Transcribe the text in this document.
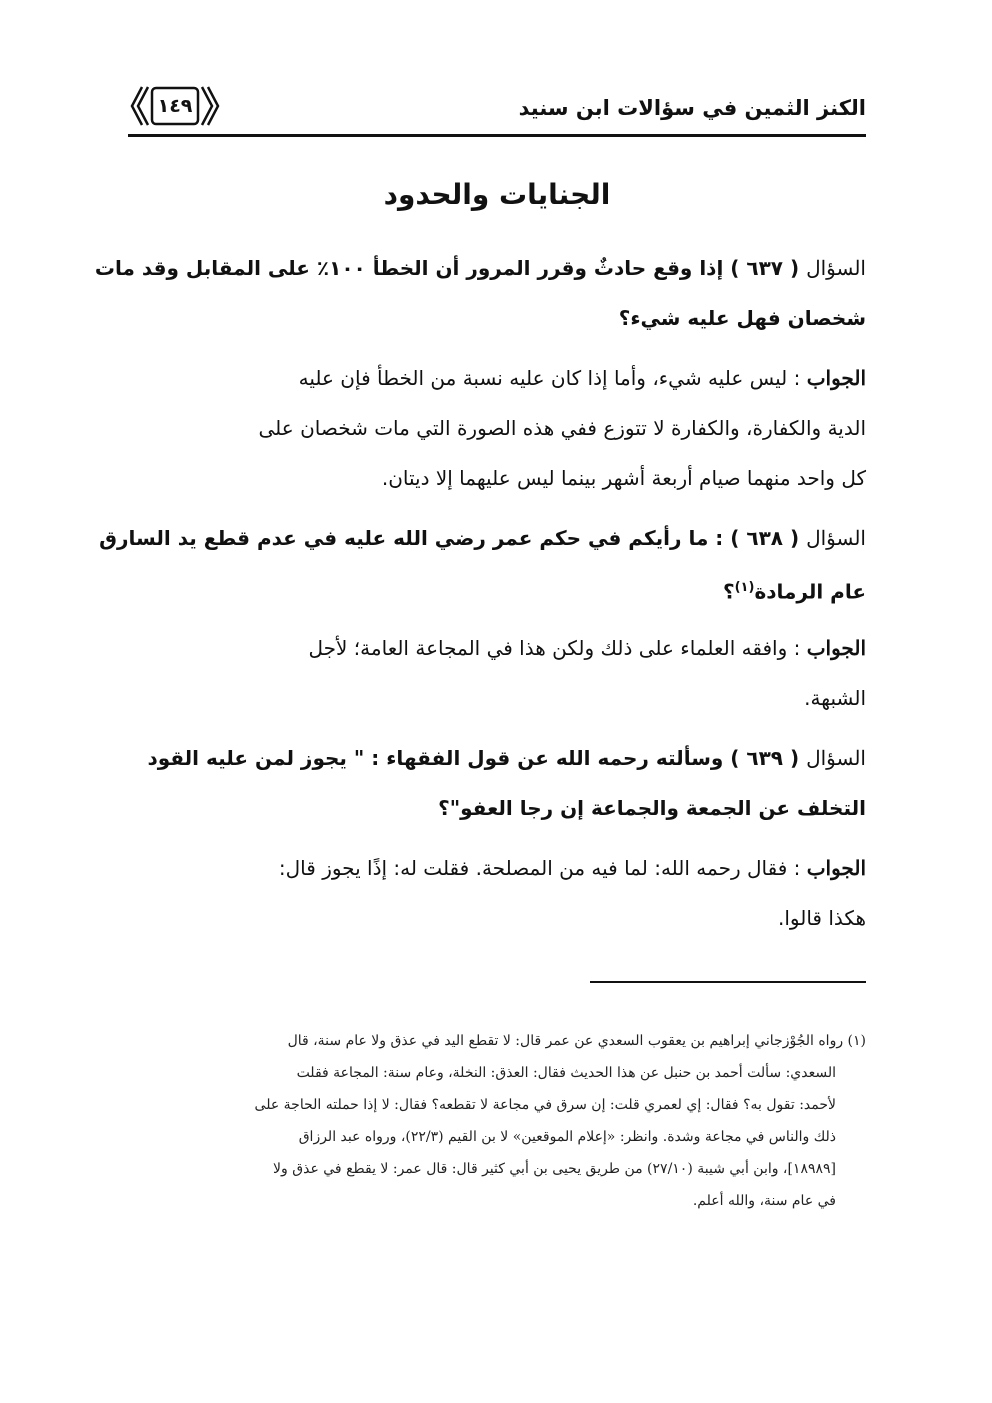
الكنز الثمين في سؤالات ابن سنيد
١٤٩
الجنايات والحدود
السؤال ( ٦٣٧ ) إذا وقع حادثٌ وقرر المرور أن الخطأ ١٠٠٪ على المقابل وقد مات
شخصان فهل عليه شيء؟
الجواب : ليس عليه شيء، وأما إذا كان عليه نسبة من الخطأ فإن عليه
الدية والكفارة، والكفارة لا تتوزع ففي هذه الصورة التي مات شخصان على
كل واحد منهما صيام أربعة أشهر بينما ليس عليهما إلا ديتان.
السؤال ( ٦٣٨ ) : ما رأيكم في حكم عمر رضي الله عليه في عدم قطع يد السارق
عام الرمادة$^{(١)}$؟
الجواب : وافقه العلماء على ذلك ولكن هذا في المجاعة العامة؛ لأجل
الشبهة.
السؤال ( ٦٣٩ ) وسألته رحمه الله عن قول الفقهاء : " يجوز لمن عليه القود
التخلف عن الجمعة والجماعة إن رجا العفو"؟
الجواب : فقال رحمه الله: لما فيه من المصلحة. فقلت له: إذًا يجوز قال:
هكذا قالوا.
(١) رواه الجُوْزجاني إبراهيم بن يعقوب السعدي عن عمر قال: لا تقطع اليد في عذق ولا عام سنة، قال
السعدي: سألت أحمد بن حنبل عن هذا الحديث فقال: العذق: النخلة، وعام سنة: المجاعة فقلت
لأحمد: تقول به؟ فقال: إي لعمري قلت: إن سرق في مجاعة لا تقطعه؟ فقال: لا إذا حملته الحاجة على
ذلك والناس في مجاعة وشدة. وانظر: «إعلام الموقعين» لا بن القيم (٢٢/٣)، ورواه عبد الرزاق
[١٨٩٨٩]، وابن أبي شيبة (٢٧/١٠) من طريق يحيى بن أبي كثير قال: قال عمر: لا يقطع في عذق ولا
في عام سنة، والله أعلم.
